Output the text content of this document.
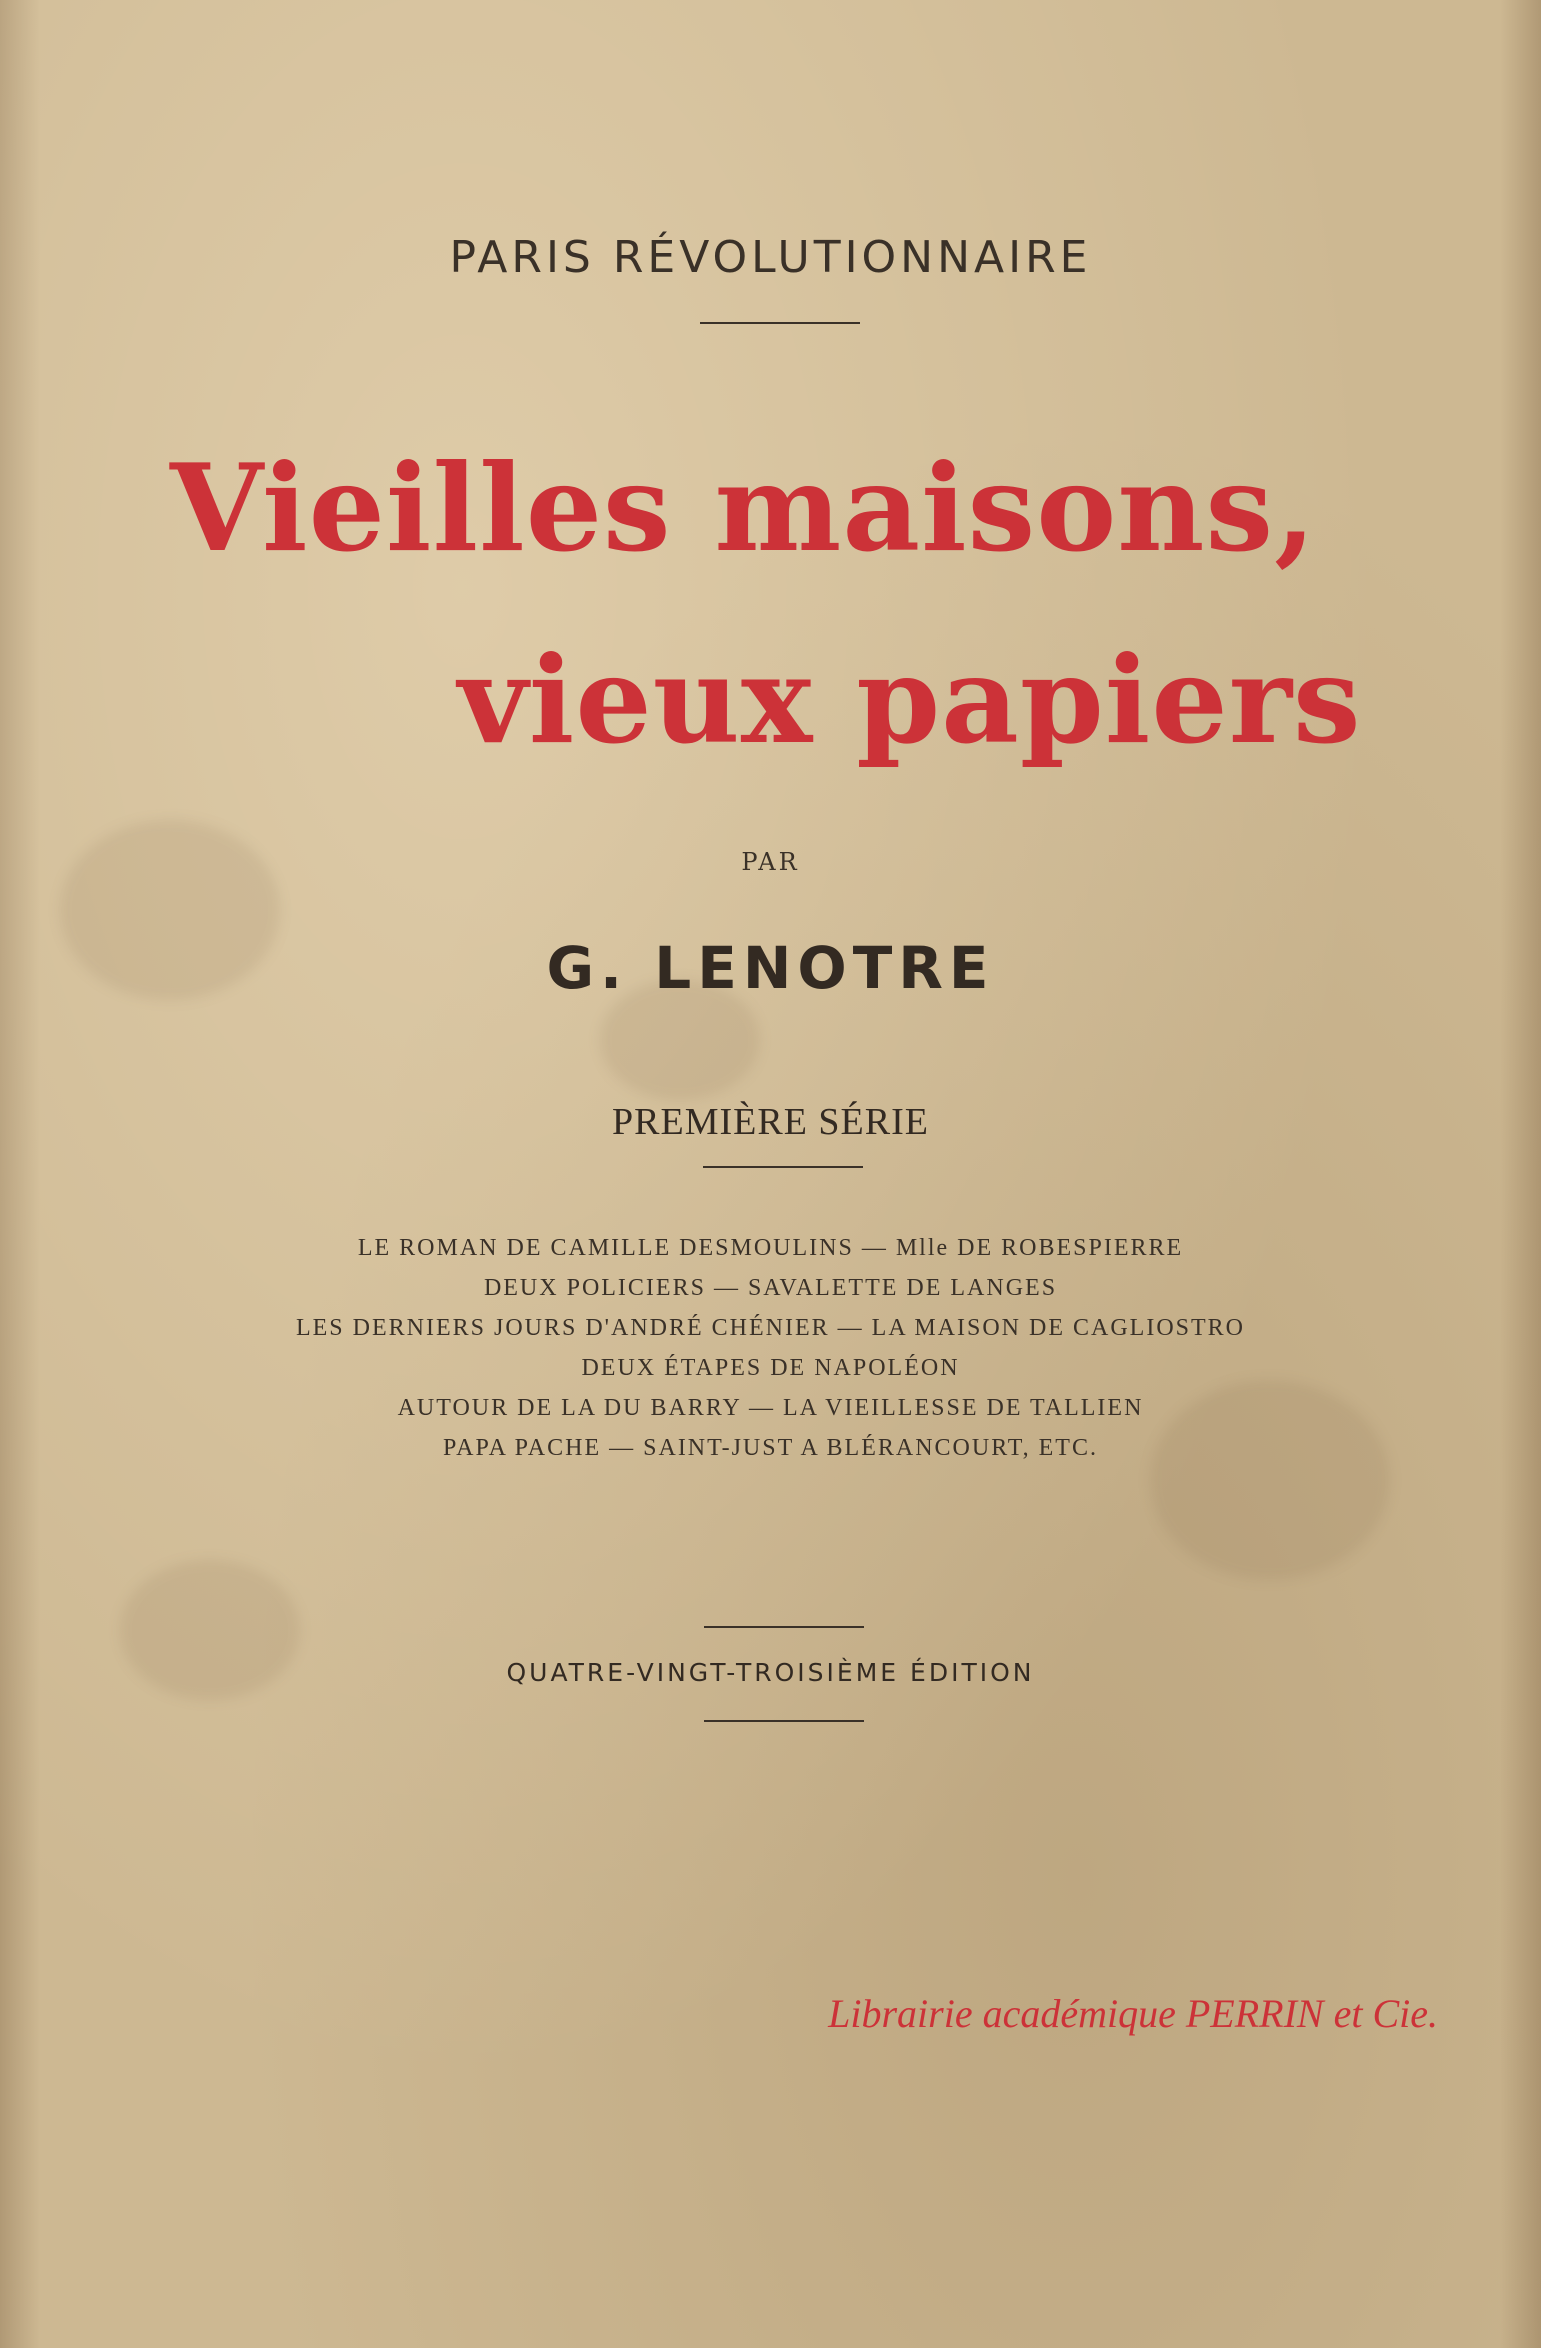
PARIS RÉVOLUTIONNAIRE

Vieilles maisons,
vieux papiers

PAR

G. LENOTRE

PREMIÈRE SÉRIE

LE ROMAN DE CAMILLE DESMOULINS — Mlle DE ROBESPIERRE
DEUX POLICIERS — SAVALETTE DE LANGES
LES DERNIERS JOURS D'ANDRÉ CHÉNIER — LA MAISON DE CAGLIOSTRO
DEUX ÉTAPES DE NAPOLÉON
AUTOUR DE LA DU BARRY — LA VIEILLESSE DE TALLIEN
PAPA PACHE — SAINT-JUST A BLÉRANCOURT, ETC.

QUATRE-VINGT-TROISIÈME ÉDITION

Librairie académique PERRIN et Cie.
